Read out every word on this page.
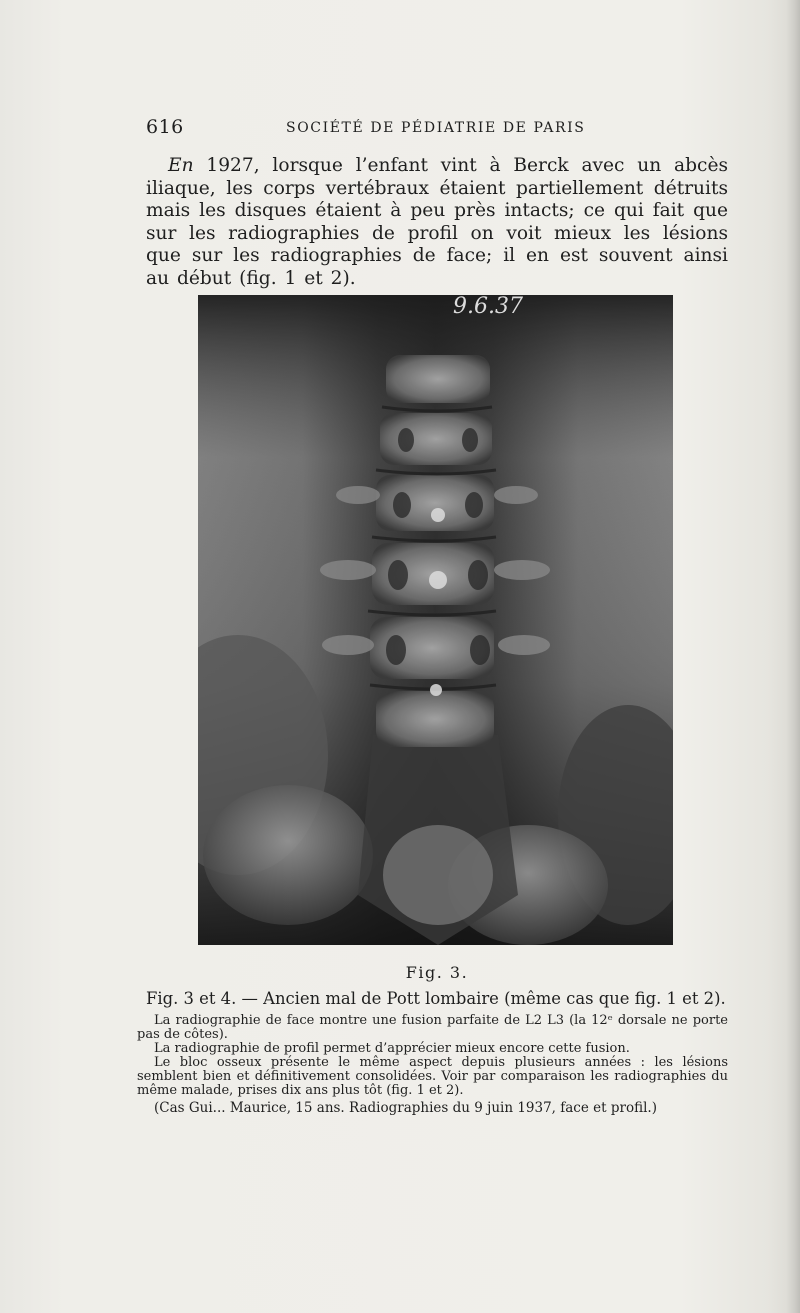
616	SOCIÉTÉ DE PÉDIATRIE DE PARIS

En 1927, lorsque l’enfant vint à Berck avec un abcès iliaque, les corps vertébraux étaient partiellement détruits mais les disques étaient à peu près intacts; ce qui fait que sur les radiographies de profil on voit mieux les lésions que sur les radiographies de face; il en est souvent ainsi au début (fig. 1 et 2).

9.6.37
Fig. 3.

Fig. 3 et 4. — Ancien mal de Pott lombaire (même cas que fig. 1 et 2).

La radiographie de face montre une fusion parfaite de L2 L3 (la 12ᵉ dorsale ne porte pas de côtes).

La radiographie de profil permet d’apprécier mieux encore cette fusion.

Le bloc osseux présente le même aspect depuis plusieurs années : les lésions semblent bien et définitivement consolidées. Voir par comparaison les radiographies du même malade, prises dix ans plus tôt (fig. 1 et 2).

(Cas Gui... Maurice, 15 ans. Radiographies du 9 juin 1937, face et profil.)
